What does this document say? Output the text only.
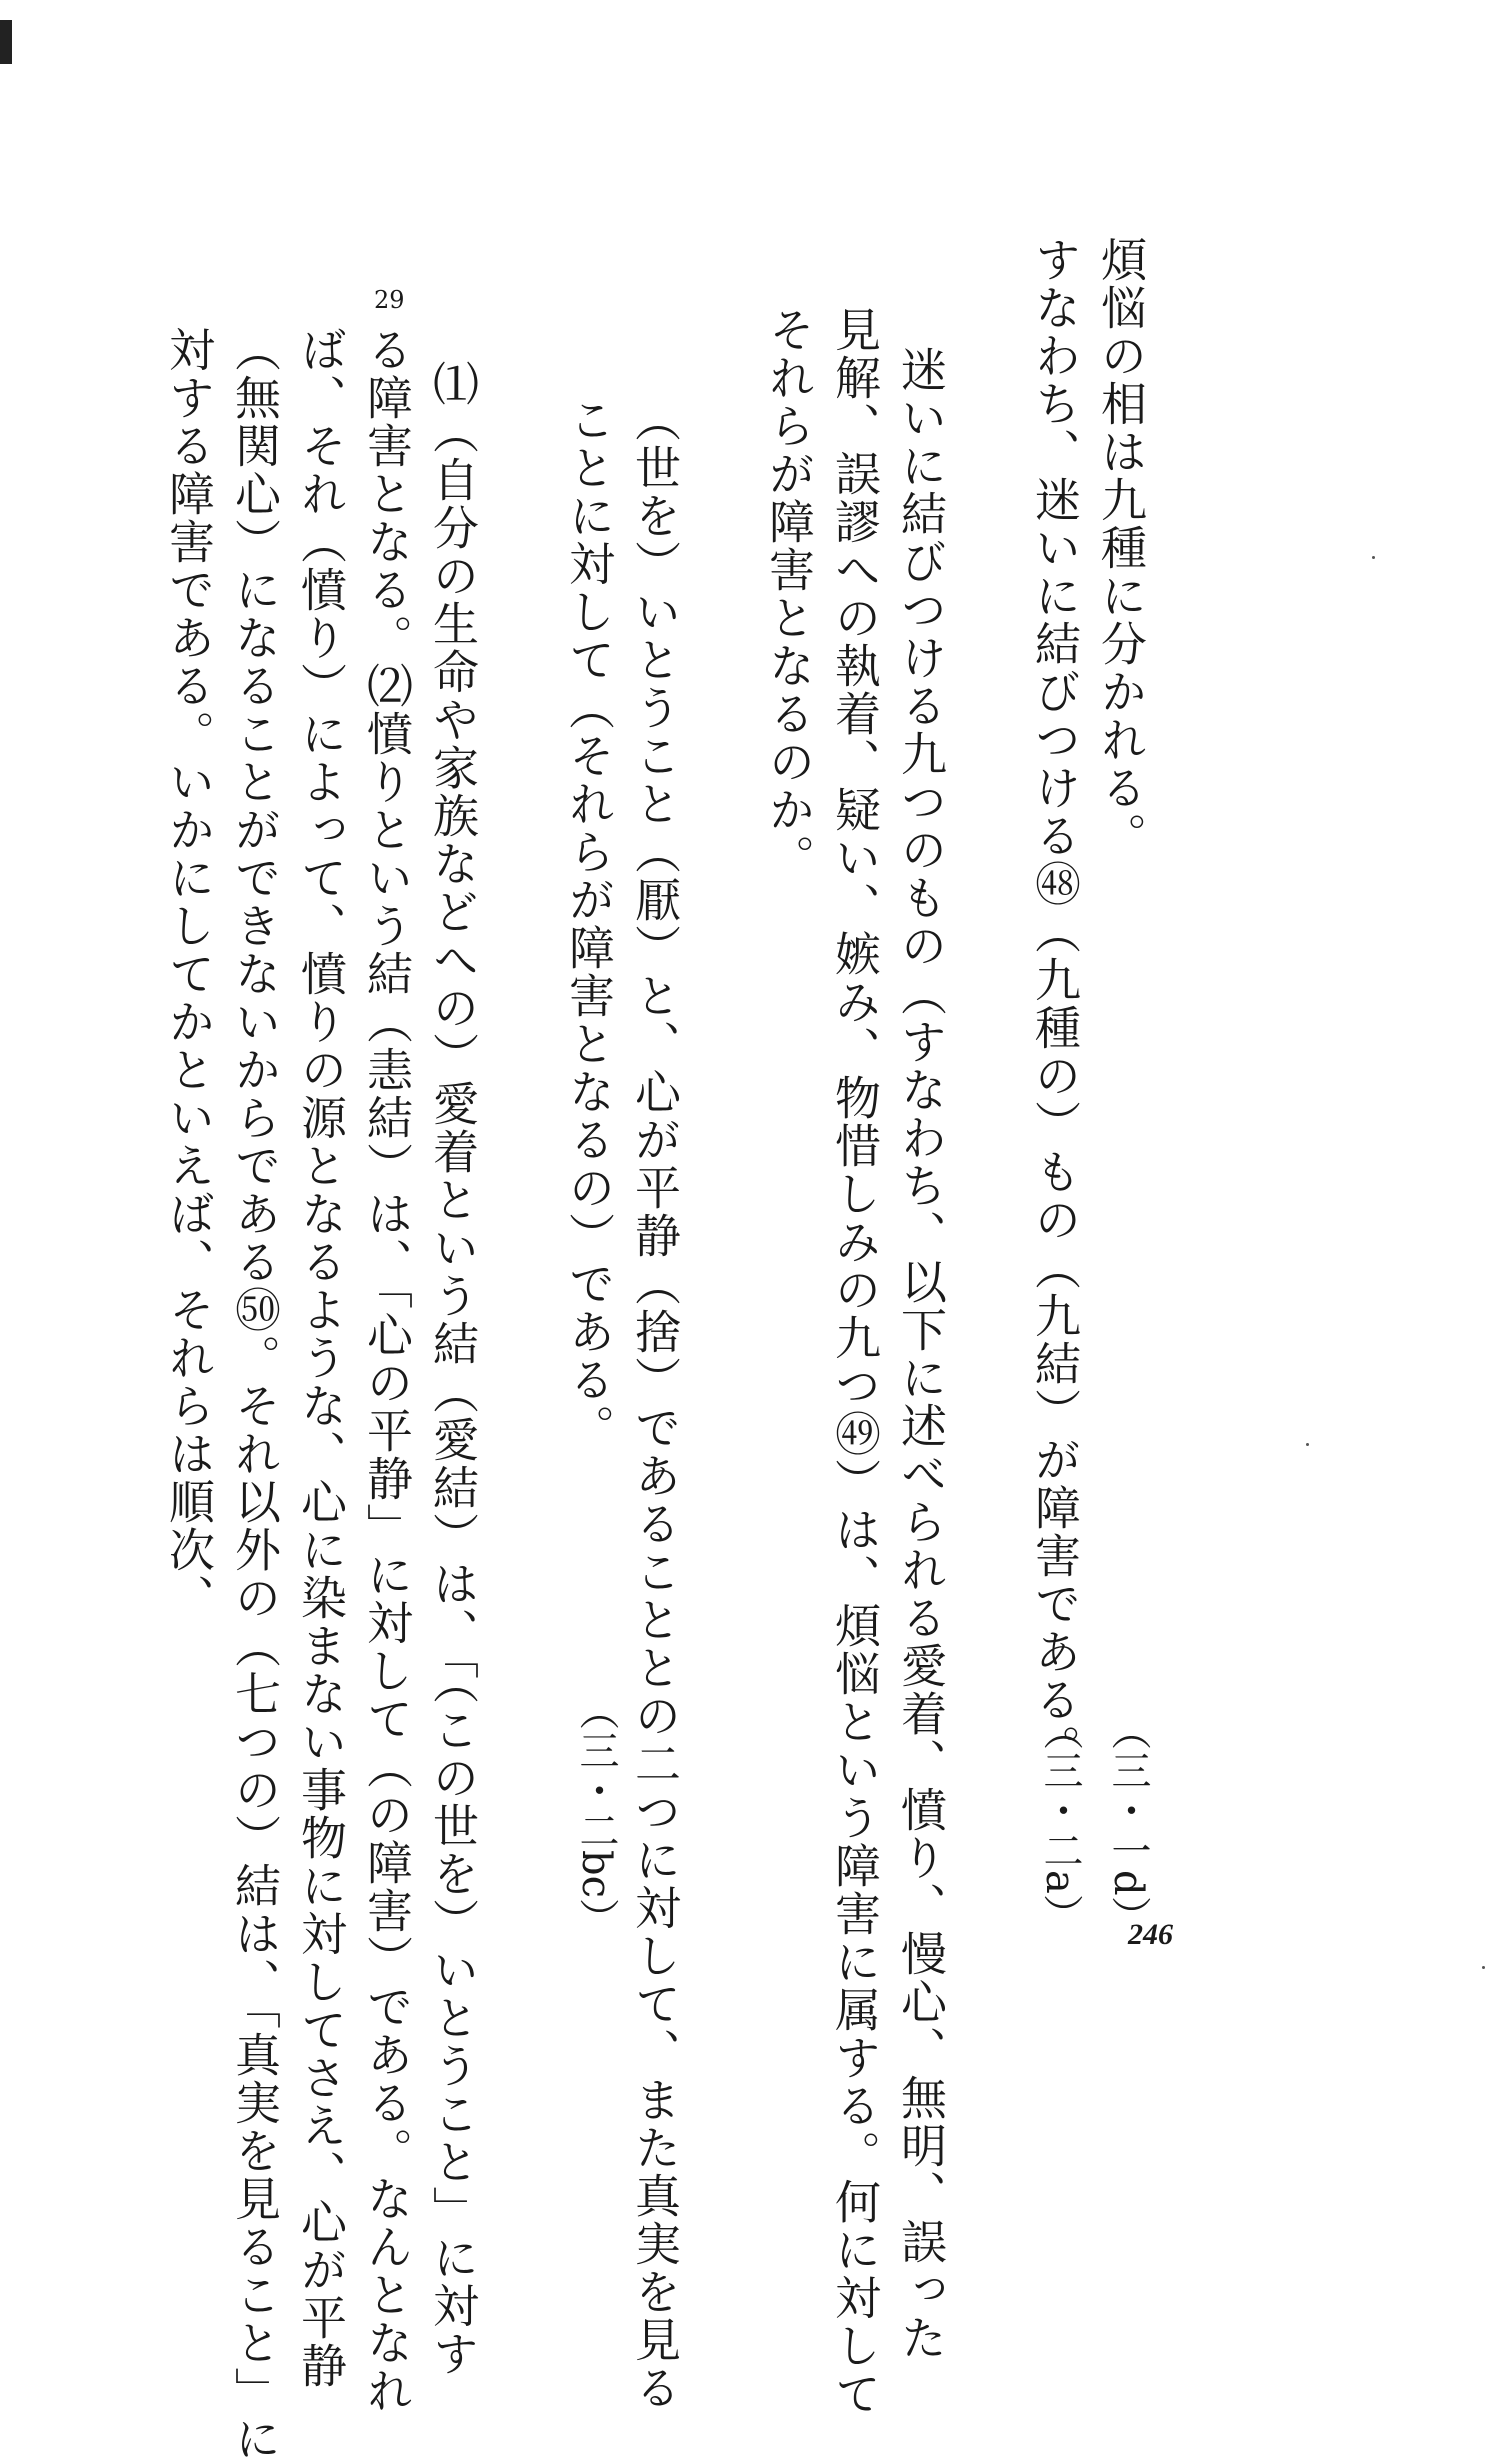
煩悩の相は九種に分かれる。
（三・一d）
すなわち、迷いに結びつける㊽（九種の）もの（九結）が障害である。
（三・二a）
迷いに結びつける九つのもの（すなわち、以下に述べられる愛着、憤り、慢心、無明、誤った
見解、誤謬への執着、疑い、嫉み、物惜しみの九つ㊾）は、煩悩という障害に属する。何に対して
それらが障害となるのか。
（世を）いとうこと（厭）と、心が平静（捨）であることとの二つに対して、また真実を見る
ことに対して（それらが障害となるの）である。
（三・二bc）
29
⑴（自分の生命や家族などへの）愛着という結（愛結）は、「（この世を）いとうこと」に対す
る障害となる。⑵憤りという結（恚結）は、「心の平静」に対して（の障害）である。なんとなれ
ば、それ（憤り）によって、憤りの源となるような、心に染まない事物に対してさえ、心が平静
（無関心）になることができないからである㊿。それ以外の（七つの）結は、「真実を見ること」に
対する障害である。いかにしてかといえば、それらは順次、
246
